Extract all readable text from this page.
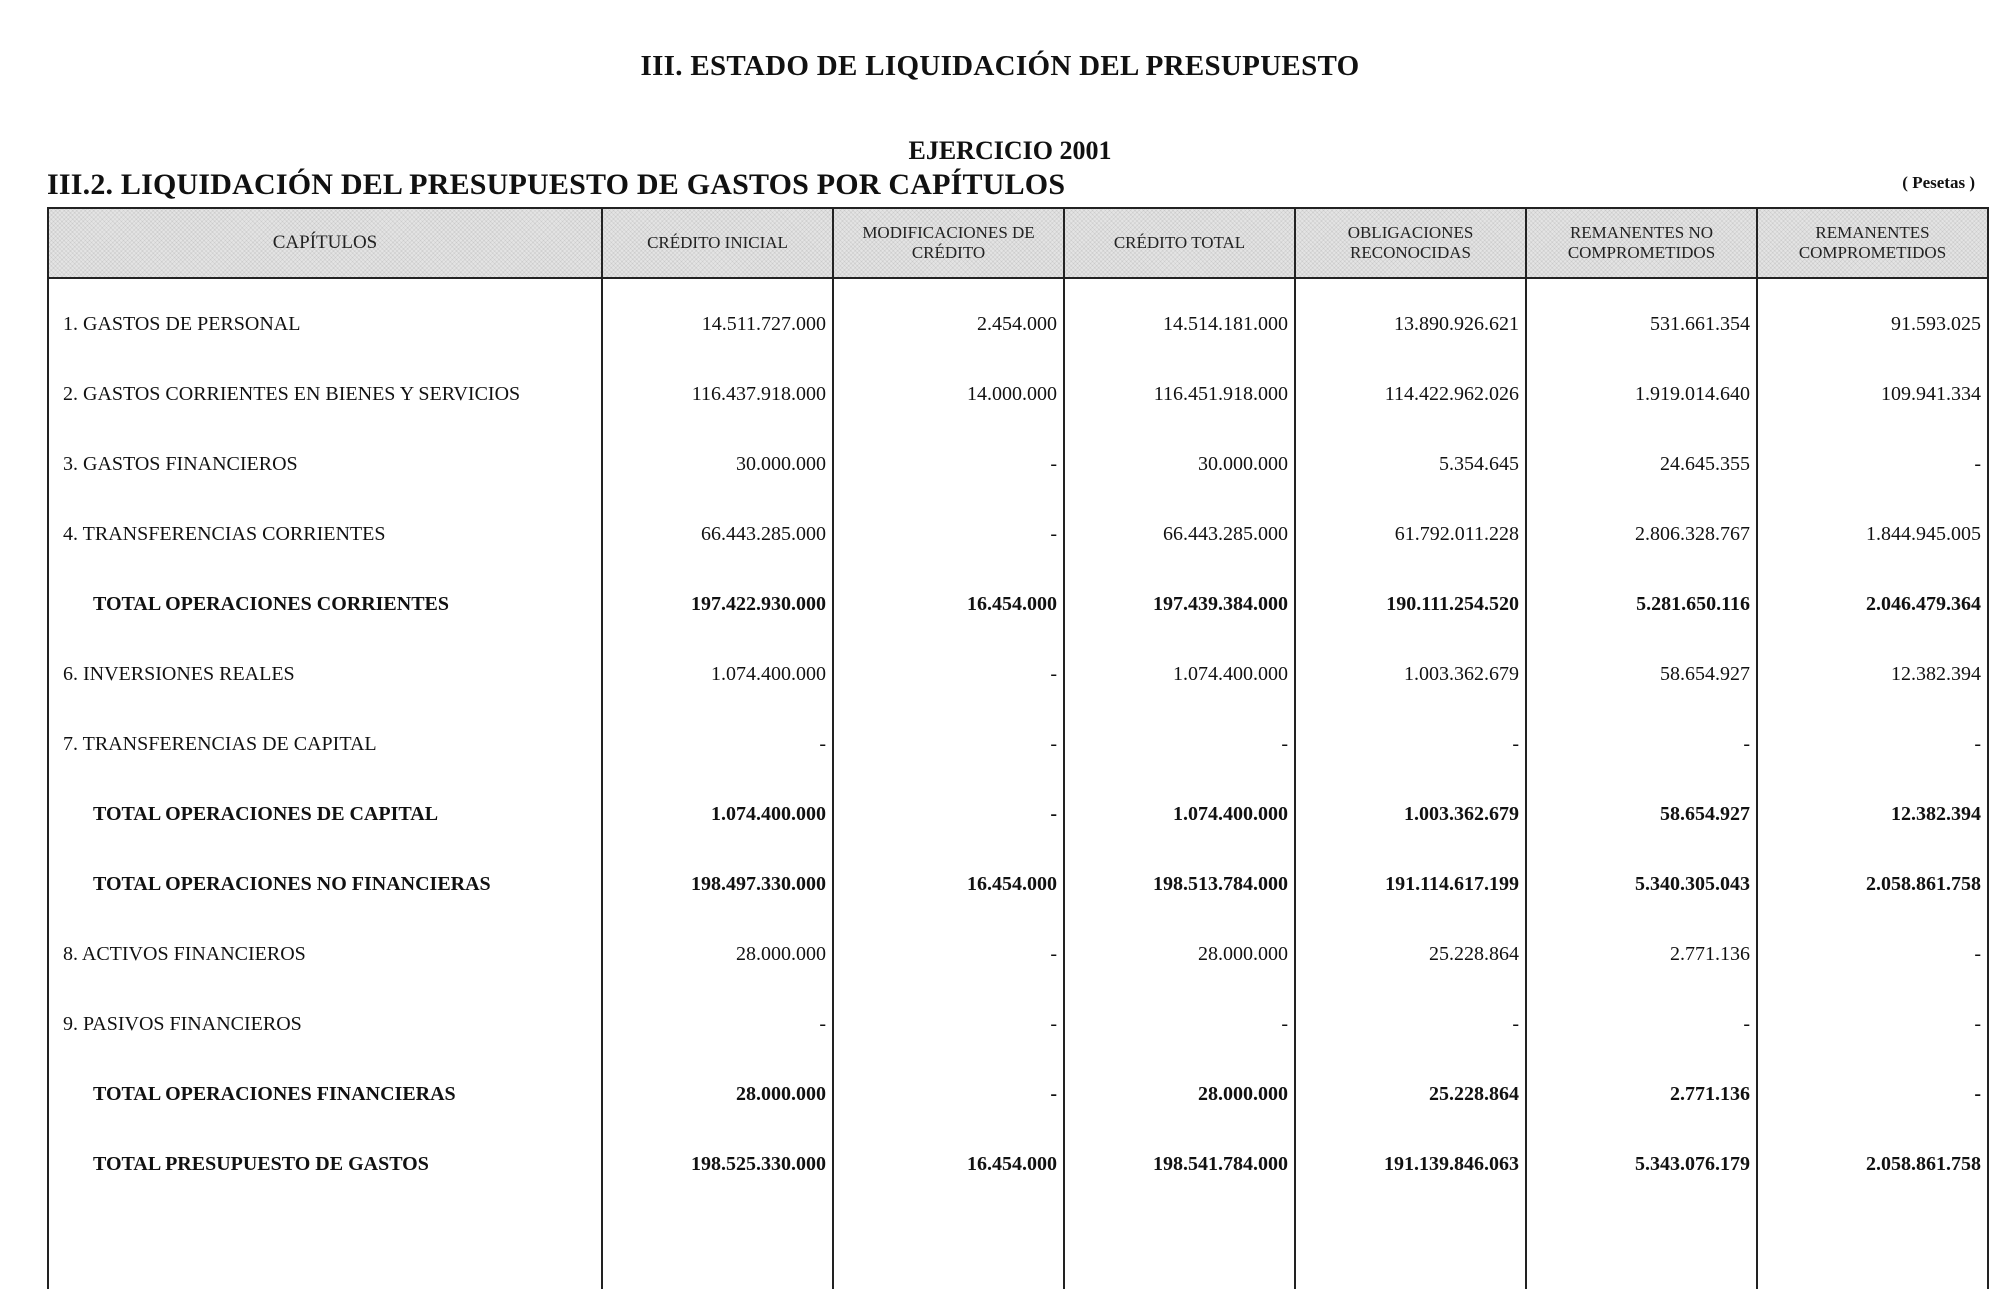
III. ESTADO DE LIQUIDACIÓN DEL PRESUPUESTO
EJERCICIO 2001
III.2. LIQUIDACIÓN DEL PRESUPUESTO DE GASTOS POR CAPÍTULOS	( Pesetas )
CAPÍTULOS	CRÉDITO INICIAL	MODIFICACIONES DE CRÉDITO	CRÉDITO TOTAL	OBLIGACIONES RECONOCIDAS	REMANENTES NO COMPROMETIDOS	REMANENTES COMPROMETIDOS
1. GASTOS DE PERSONAL	14.511.727.000	2.454.000	14.514.181.000	13.890.926.621	531.661.354	91.593.025
2. GASTOS CORRIENTES EN BIENES Y SERVICIOS	116.437.918.000	14.000.000	116.451.918.000	114.422.962.026	1.919.014.640	109.941.334
3. GASTOS FINANCIEROS	30.000.000	-	30.000.000	5.354.645	24.645.355	-
4. TRANSFERENCIAS CORRIENTES	66.443.285.000	-	66.443.285.000	61.792.011.228	2.806.328.767	1.844.945.005
TOTAL OPERACIONES CORRIENTES	197.422.930.000	16.454.000	197.439.384.000	190.111.254.520	5.281.650.116	2.046.479.364
6. INVERSIONES REALES	1.074.400.000	-	1.074.400.000	1.003.362.679	58.654.927	12.382.394
7. TRANSFERENCIAS DE CAPITAL	-	-	-	-	-	-
TOTAL OPERACIONES DE CAPITAL	1.074.400.000	-	1.074.400.000	1.003.362.679	58.654.927	12.382.394
TOTAL OPERACIONES NO FINANCIERAS	198.497.330.000	16.454.000	198.513.784.000	191.114.617.199	5.340.305.043	2.058.861.758
8. ACTIVOS FINANCIEROS	28.000.000	-	28.000.000	25.228.864	2.771.136	-
9. PASIVOS FINANCIEROS	-	-	-	-	-	-
TOTAL OPERACIONES FINANCIERAS	28.000.000	-	28.000.000	25.228.864	2.771.136	-
TOTAL PRESUPUESTO DE GASTOS	198.525.330.000	16.454.000	198.541.784.000	191.139.846.063	5.343.076.179	2.058.861.758
